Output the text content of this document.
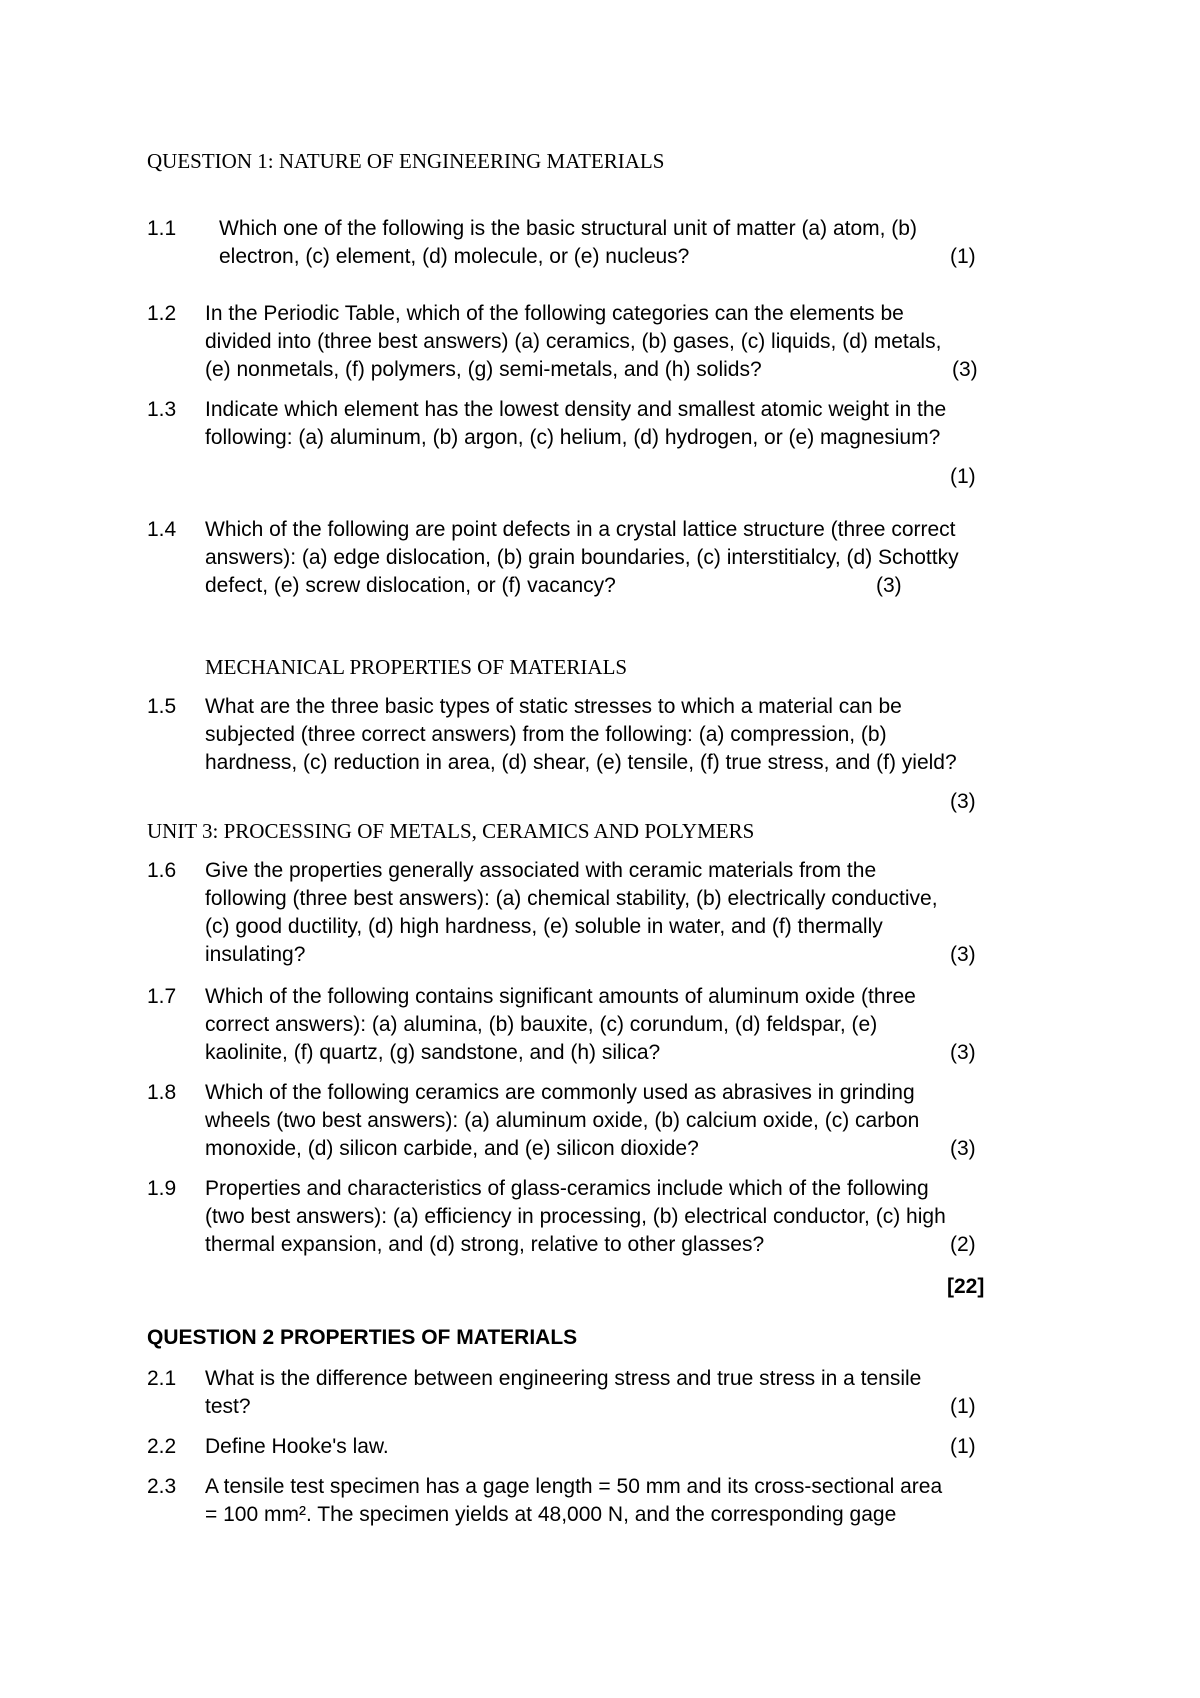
QUESTION 1: NATURE OF ENGINEERING MATERIALS
1.1 Which one of the following is the basic structural unit of matter (a) atom, (b)
electron, (c) element, (d) molecule, or (e) nucleus?	(1)
1.2 In the Periodic Table, which of the following categories can the elements be
divided into (three best answers) (a) ceramics, (b) gases, (c) liquids, (d) metals,
(e) nonmetals, (f) polymers, (g) semi-metals, and (h) solids?	(3)
1.3 Indicate which element has the lowest density and smallest atomic weight in the
following: (a) aluminum, (b) argon, (c) helium, (d) hydrogen, or (e) magnesium?
(1)
1.4 Which of the following are point defects in a crystal lattice structure (three correct
answers): (a) edge dislocation, (b) grain boundaries, (c) interstitialcy, (d) Schottky
defect, (e) screw dislocation, or (f) vacancy?	(3)
MECHANICAL PROPERTIES OF MATERIALS
1.5 What are the three basic types of static stresses to which a material can be
subjected (three correct answers) from the following: (a) compression, (b)
hardness, (c) reduction in area, (d) shear, (e) tensile, (f) true stress, and (f) yield?
(3)
UNIT 3: PROCESSING OF METALS, CERAMICS AND POLYMERS
1.6 Give the properties generally associated with ceramic materials from the
following (three best answers): (a) chemical stability, (b) electrically conductive,
(c) good ductility, (d) high hardness, (e) soluble in water, and (f) thermally
insulating?	(3)
1.7 Which of the following contains significant amounts of aluminum oxide (three
correct answers): (a) alumina, (b) bauxite, (c) corundum, (d) feldspar, (e)
kaolinite, (f) quartz, (g) sandstone, and (h) silica?	(3)
1.8 Which of the following ceramics are commonly used as abrasives in grinding
wheels (two best answers): (a) aluminum oxide, (b) calcium oxide, (c) carbon
monoxide, (d) silicon carbide, and (e) silicon dioxide?	(3)
1.9 Properties and characteristics of glass-ceramics include which of the following
(two best answers): (a) efficiency in processing, (b) electrical conductor, (c) high
thermal expansion, and (d) strong, relative to other glasses?	(2)
[22]
QUESTION 2 PROPERTIES OF MATERIALS
2.1 What is the difference between engineering stress and true stress in a tensile
test?	(1)
2.2 Define Hooke's law.	(1)
2.3 A tensile test specimen has a gage length = 50 mm and its cross-sectional area
= 100 mm². The specimen yields at 48,000 N, and the corresponding gage
